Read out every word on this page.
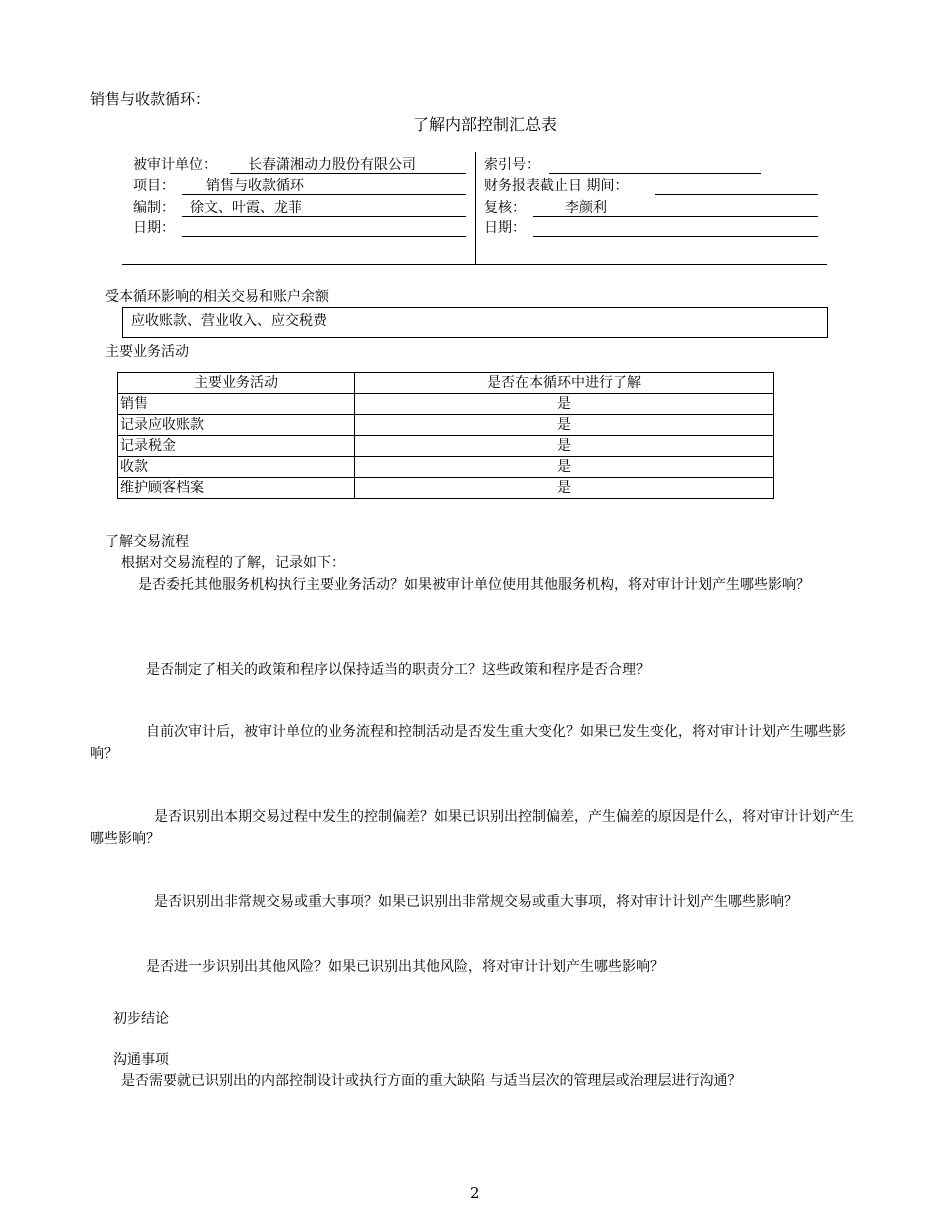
销售与收款循环：
了解内部控制汇总表
被审计单位：	长春潇湘动力股份有限公司
项目：	销售与收款循环
编制：	徐文、叶霞、龙菲
日期：
索引号：
财务报表截止日 期间：
复核：	李颜利
日期：
受本循环影响的相关交易和账户余额
应收账款、营业收入、应交税费
主要业务活动
主要业务活动	是否在本循环中进行了解
销售	是
记录应收账款	是
记录税金	是
收款	是
维护顾客档案	是
了解交易流程
根据对交易流程的了解，记录如下：
是否委托其他服务机构执行主要业务活动？如果被审计单位使用其他服务机构，将对审计计划产生哪些影响？
是否制定了相关的政策和程序以保持适当的职责分工？这些政策和程序是否合理？
自前次审计后，被审计单位的业务流程和控制活动是否发生重大变化？如果已发生变化，将对审计计划产生哪些影响？
是否识别出本期交易过程中发生的控制偏差？如果已识别出控制偏差，产生偏差的原因是什么，将对审计计划产生哪些影响？
是否识别出非常规交易或重大事项？如果已识别出非常规交易或重大事项，将对审计计划产生哪些影响？
是否进一步识别出其他风险？如果已识别出其他风险，将对审计计划产生哪些影响？
初步结论
沟通事项
是否需要就已识别出的内部控制设计或执行方面的重大缺陷 与适当层次的管理层或治理层进行沟通？
2
